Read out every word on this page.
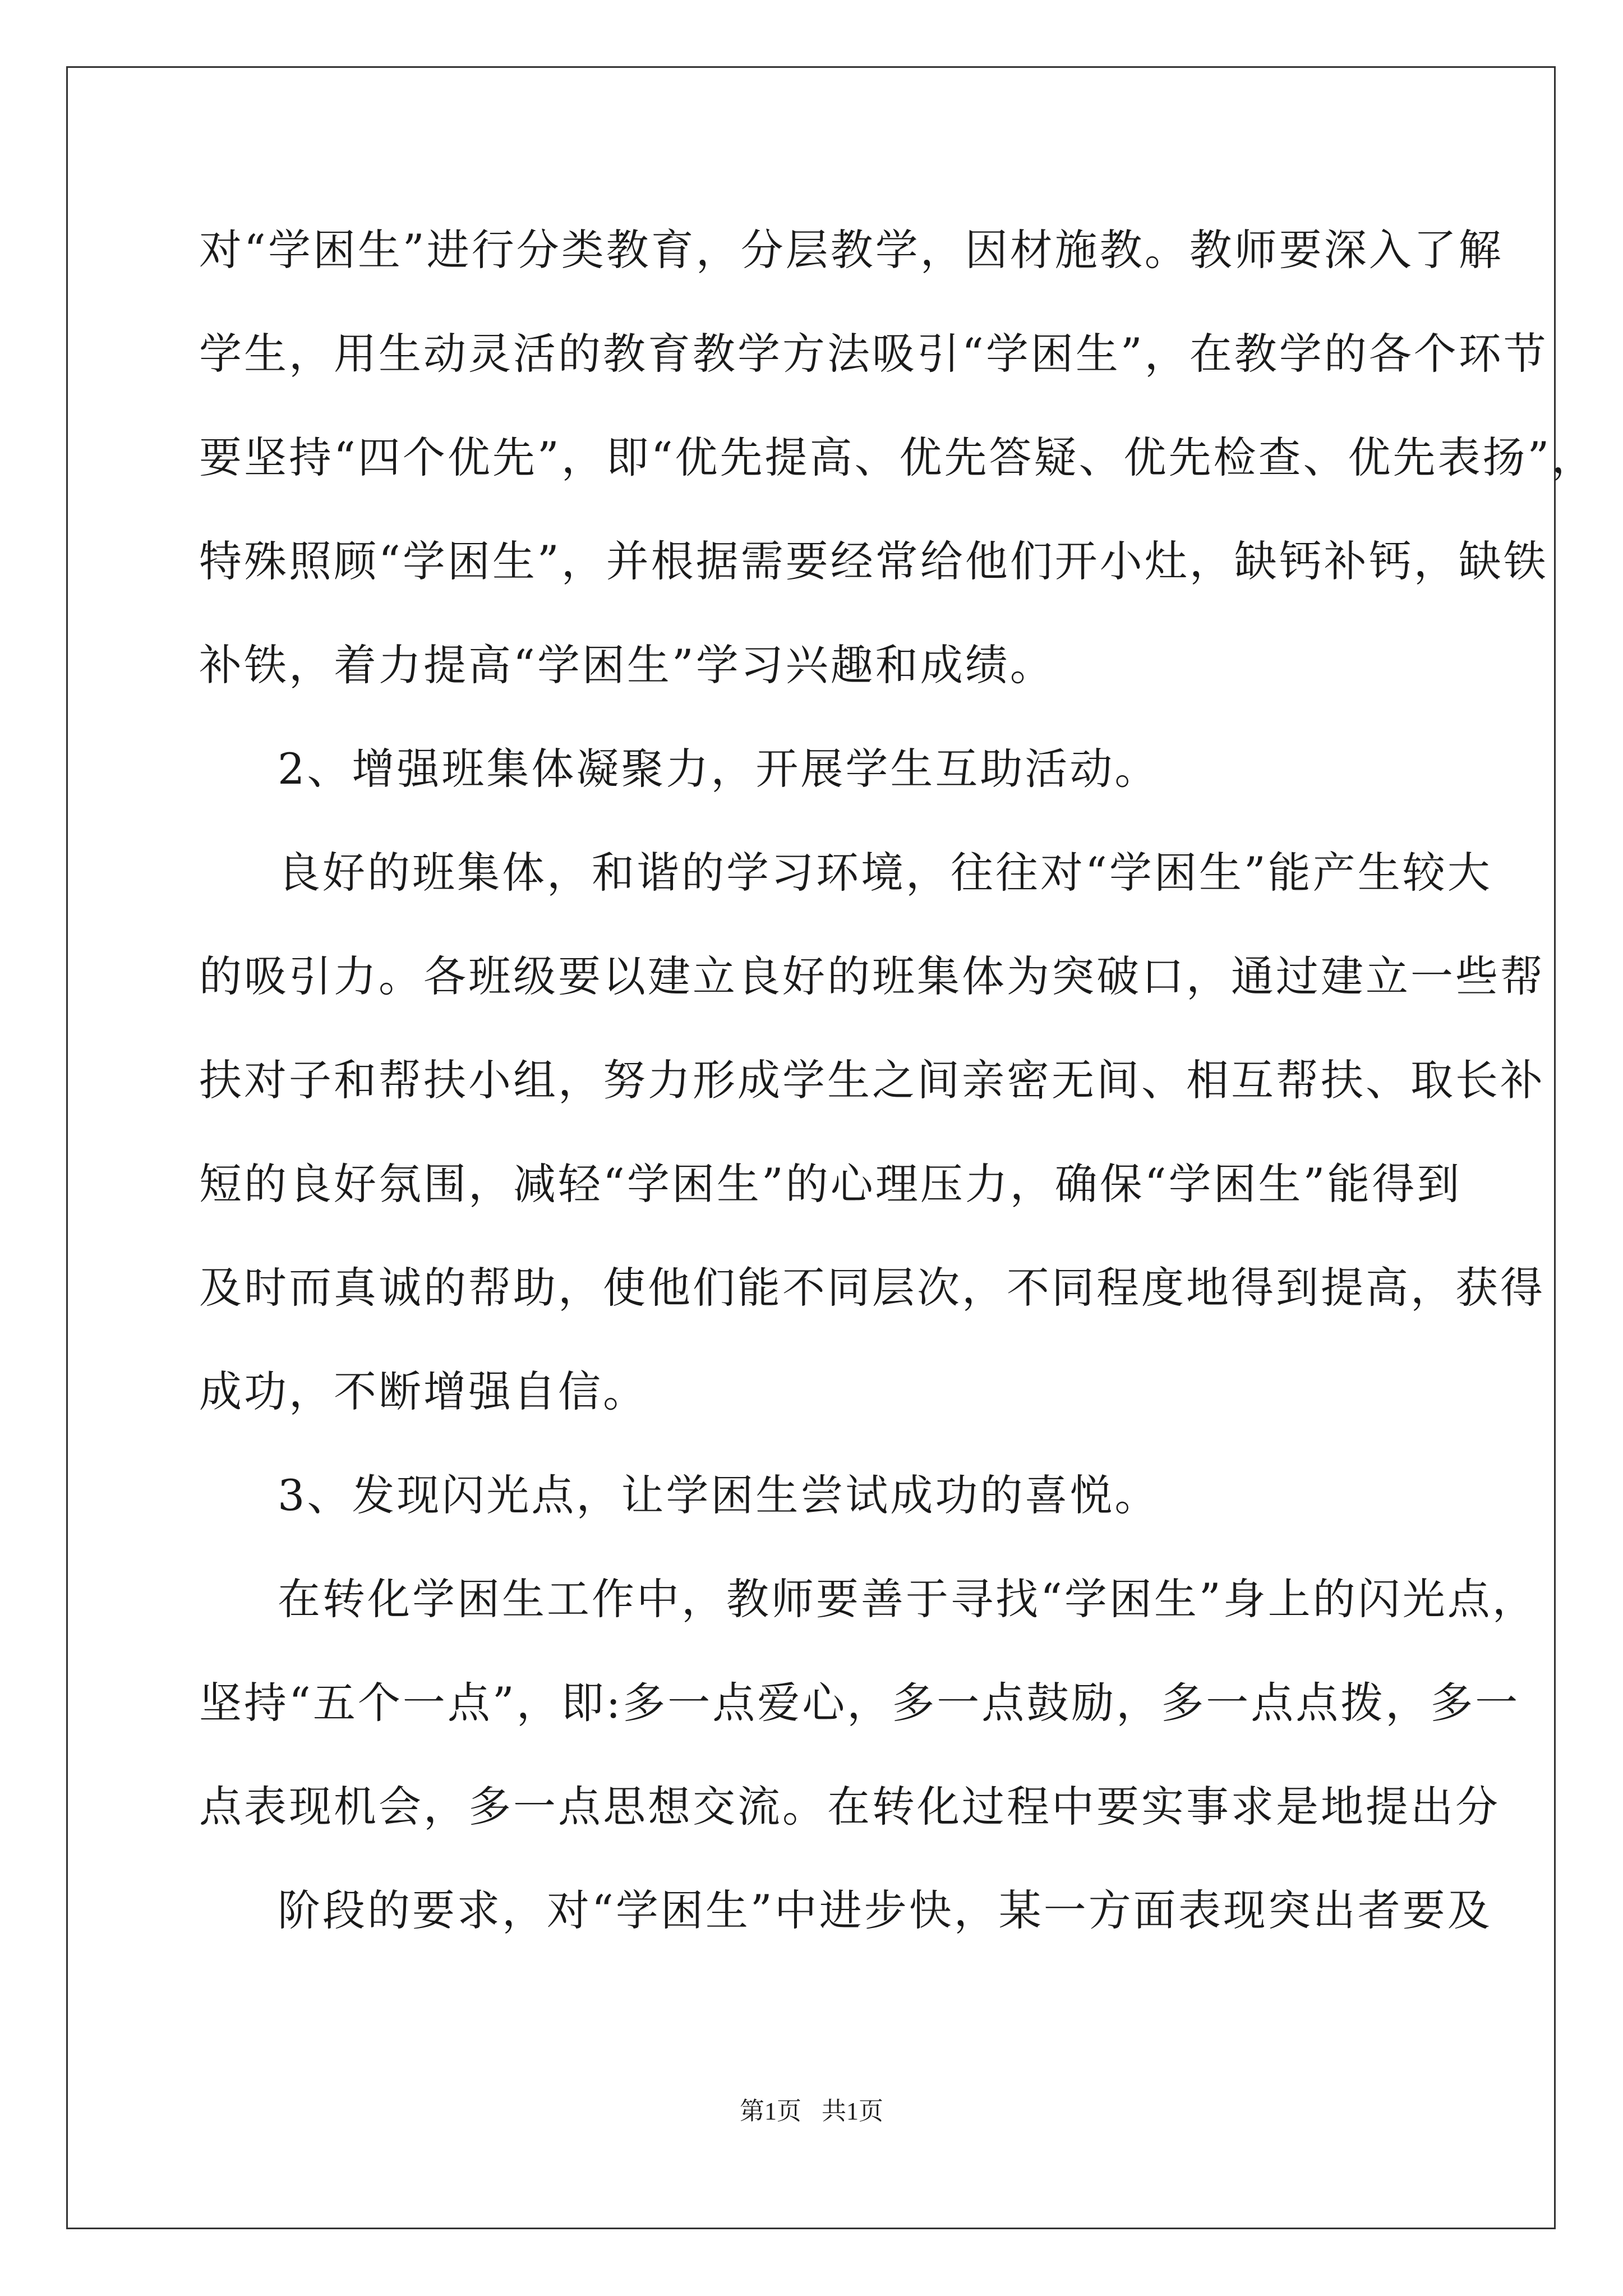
对“学困生”进行分类教育，分层教学，因材施教。教师要深入了解
学生，用生动灵活的教育教学方法吸引“学困生”，在教学的各个环节
要坚持“四个优先”，即“优先提高、优先答疑、优先检查、优先表扬”，
特殊照顾“学困生”，并根据需要经常给他们开小灶，缺钙补钙，缺铁
补铁，着力提高“学困生”学习兴趣和成绩。
2、增强班集体凝聚力，开展学生互助活动。
良好的班集体，和谐的学习环境，往往对“学困生”能产生较大
的吸引力。各班级要以建立良好的班集体为突破口，通过建立一些帮
扶对子和帮扶小组，努力形成学生之间亲密无间、相互帮扶、取长补
短的良好氛围，减轻“学困生”的心理压力，确保“学困生”能得到
及时而真诚的帮助，使他们能不同层次，不同程度地得到提高，获得
成功，不断增强自信。
3、发现闪光点，让学困生尝试成功的喜悦。
在转化学困生工作中，教师要善于寻找“学困生”身上的闪光点，
坚持“五个一点”，即:多一点爱心，多一点鼓励，多一点点拨，多一
点表现机会，多一点思想交流。在转化过程中要实事求是地提出分
阶段的要求，对“学困生”中进步快，某一方面表现突出者要及
第1页 共1页
